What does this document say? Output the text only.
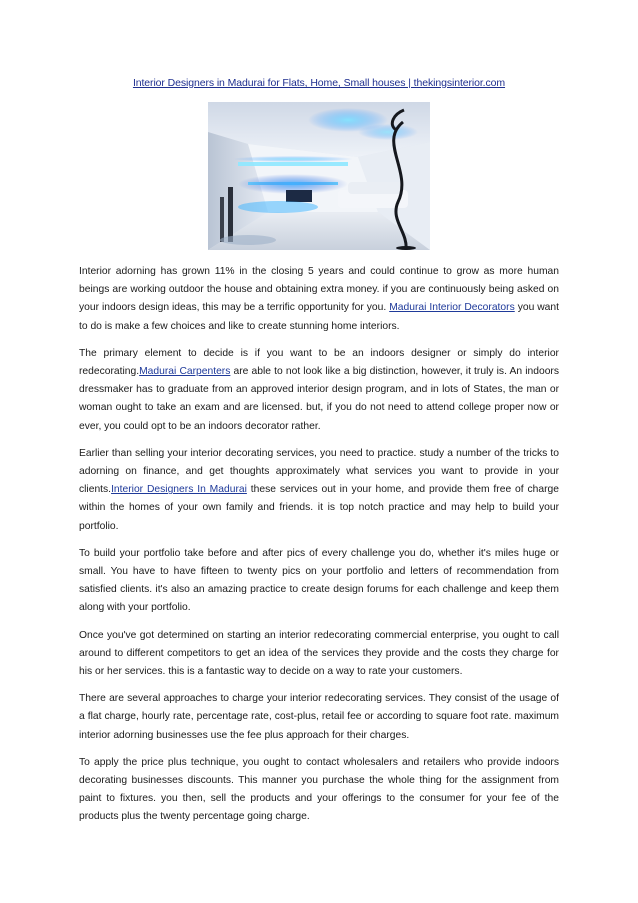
Interior Designers in Madurai for Flats, Home, Small houses | thekingsinterior.com

Interior adorning has grown 11% in the closing 5 years and could continue to grow as more human beings are working outdoor the house and obtaining extra money. if you are continuously being asked on your indoors design ideas, this may be a terrific opportunity for you. Madurai Interior Decorators you want to do is make a few choices and like to create stunning home interiors.

The primary element to decide is if you want to be an indoors designer or simply do interior redecorating.Madurai Carpenters are able to not look like a big distinction, however, it truly is. An indoors dressmaker has to graduate from an approved interior design program, and in lots of States, the man or woman ought to take an exam and are licensed. but, if you do not need to attend college proper now or ever, you could opt to be an indoors decorator rather.

Earlier than selling your interior decorating services, you need to practice. study a number of the tricks to adorning on finance, and get thoughts approximately what services you want to provide in your clients.Interior Designers In Madurai these services out in your home, and provide them free of charge within the homes of your own family and friends. it is top notch practice and may help to build your portfolio.

To build your portfolio take before and after pics of every challenge you do, whether it's miles huge or small. You have to have fifteen to twenty pics on your portfolio and letters of recommendation from satisfied clients. it's also an amazing practice to create design forums for each challenge and keep them along with your portfolio.

Once you've got determined on starting an interior redecorating commercial enterprise, you ought to call around to different competitors to get an idea of the services they provide and the costs they charge for his or her services. this is a fantastic way to decide on a way to rate your customers.

There are several approaches to charge your interior redecorating services. They consist of the usage of a flat charge, hourly rate, percentage rate, cost-plus, retail fee or according to square foot rate. maximum interior adorning businesses use the fee plus approach for their charges.

To apply the price plus technique, you ought to contact wholesalers and retailers who provide indoors decorating businesses discounts. This manner you purchase the whole thing for the assignment from paint to fixtures. you then, sell the products and your offerings to the consumer for your fee of the products plus the twenty percentage going charge.
